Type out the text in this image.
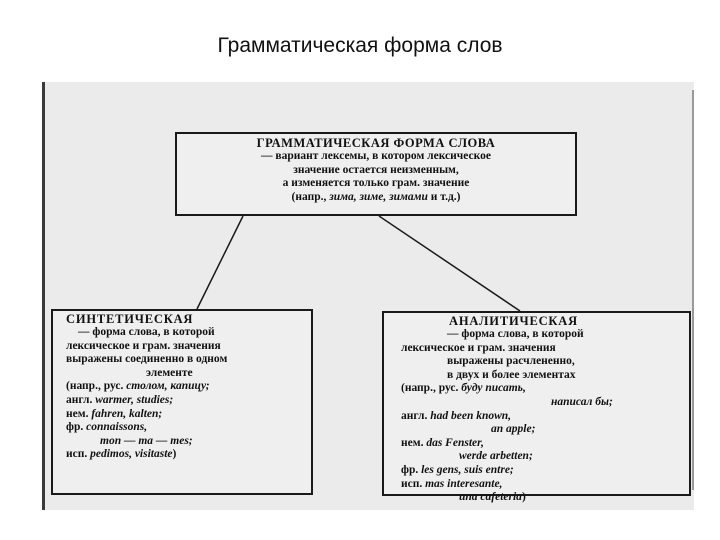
Грамматическая форма слов
ГРАММАТИЧЕСКАЯ ФОРМА СЛОВА
— вариант лексемы, в котором лексическое
значение остается неизменным,
а изменяется только грам. значение
(напр., зима, зиме, зимами и т.д.)
СИНТЕТИЧЕСКАЯ
— форма слова, в которой
лексическое и грам. значения
выражены соединенно в одном
элементе
(напр., рус. столом, капицу;
англ. warmer, studies;
нем. fahren, kalten;
фр. connaissons,
mon — ma — mes;
исп. pedimos, visitaste)
АНАЛИТИЧЕСКАЯ
— форма слова, в которой
лексическое и грам. значения
выражены расчлененно,
в двух и более элементах
(напр., рус. буду писать,
написал бы;
англ. had been known,
an apple;
нем. das Fenster,
werde arbetten;
фр. les gens, suis entre;
исп. mas interesante,
una cafeteria)
